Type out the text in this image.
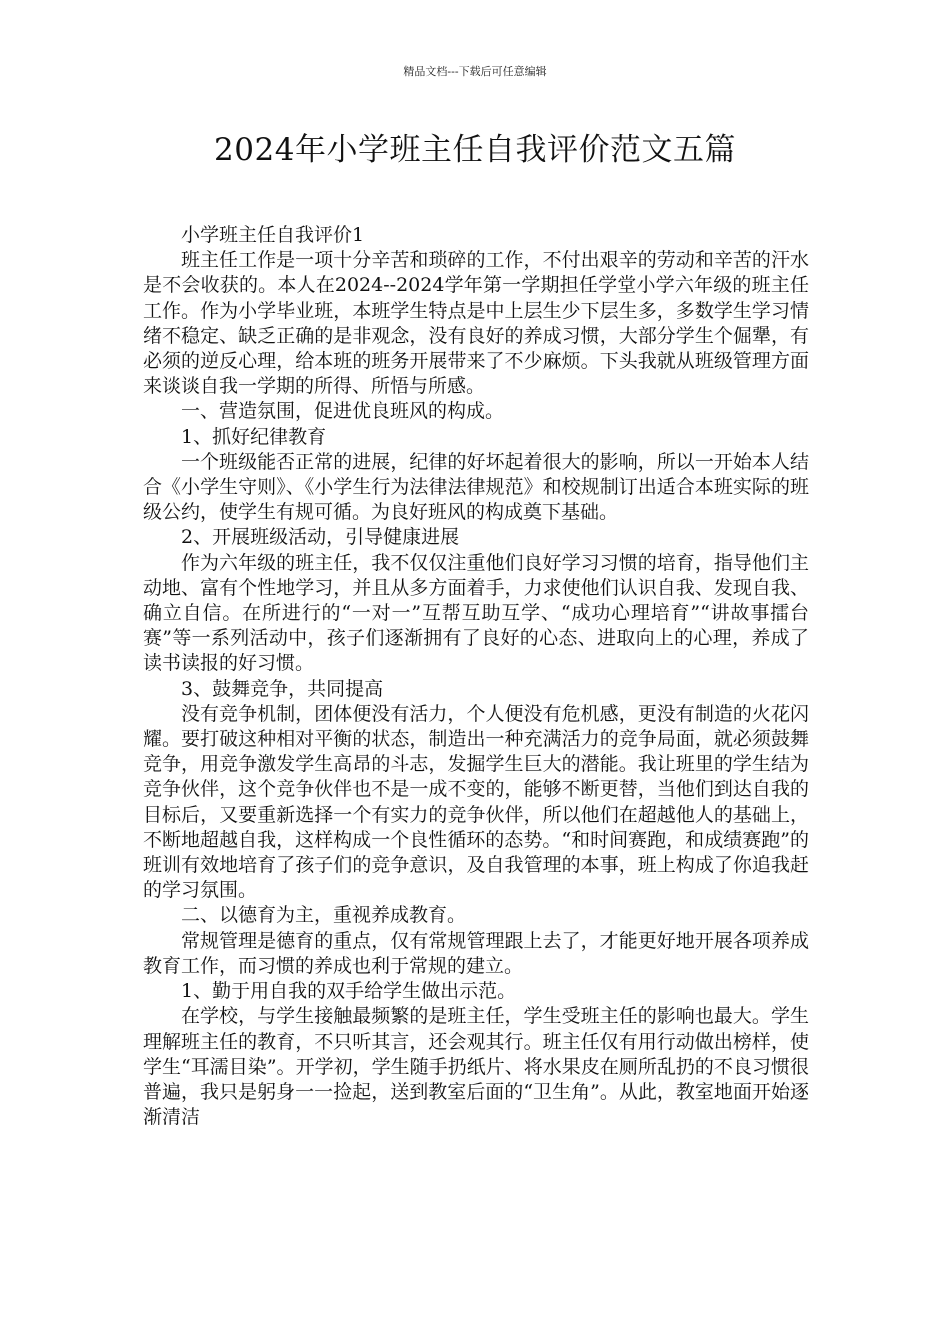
精品文档---下载后可任意编辑
2024年小学班主任自我评价范文五篇

小学班主任自我评价1

班主任工作是一项十分辛苦和琐碎的工作，不付出艰辛的劳动和辛苦的汗水是不会收获的。本人在2024--2024学年第一学期担任学堂小学六年级的班主任工作。作为小学毕业班，本班学生特点是中上层生少下层生多，多数学生学习情绪不稳定、缺乏正确的是非观念，没有良好的养成习惯，大部分学生个倔犟，有必须的逆反心理，给本班的班务开展带来了不少麻烦。下头我就从班级管理方面来谈谈自我一学期的所得、所悟与所感。

一、营造氛围，促进优良班风的构成。

1、抓好纪律教育

一个班级能否正常的进展，纪律的好坏起着很大的影响，所以一开始本人结合《小学生守则》、《小学生行为法律法律规范》和校规制订出适合本班实际的班级公约，使学生有规可循。为良好班风的构成奠下基础。

2、开展班级活动，引导健康进展

作为六年级的班主任，我不仅仅注重他们良好学习习惯的培育，指导他们主动地、富有个性地学习，并且从多方面着手，力求使他们认识自我、发现自我、确立自信。在所进行的“一对一”互帮互助互学、“成功心理培育”“讲故事擂台赛”等一系列活动中，孩子们逐渐拥有了良好的心态、进取向上的心理，养成了读书读报的好习惯。

3、鼓舞竞争，共同提高

没有竞争机制，团体便没有活力，个人便没有危机感，更没有制造的火花闪耀。要打破这种相对平衡的状态，制造出一种充满活力的竞争局面，就必须鼓舞竞争，用竞争激发学生高昂的斗志，发掘学生巨大的潜能。我让班里的学生结为竞争伙伴，这个竞争伙伴也不是一成不变的，能够不断更替，当他们到达自我的目标后，又要重新选择一个有实力的竞争伙伴，所以他们在超越他人的基础上，不断地超越自我，这样构成一个良性循环的态势。“和时间赛跑，和成绩赛跑”的班训有效地培育了孩子们的竞争意识，及自我管理的本事，班上构成了你追我赶的学习氛围。

二、以德育为主，重视养成教育。

常规管理是德育的重点，仅有常规管理跟上去了，才能更好地开展各项养成教育工作，而习惯的养成也利于常规的建立。

1、勤于用自我的双手给学生做出示范。

在学校，与学生接触最频繁的是班主任，学生受班主任的影响也最大。学生理解班主任的教育，不只听其言，还会观其行。班主任仅有用行动做出榜样，使学生“耳濡目染”。开学初，学生随手扔纸片、将水果皮在厕所乱扔的不良习惯很普遍，我只是躬身一一捡起，送到教室后面的“卫生角”。从此，教室地面开始逐渐清洁
